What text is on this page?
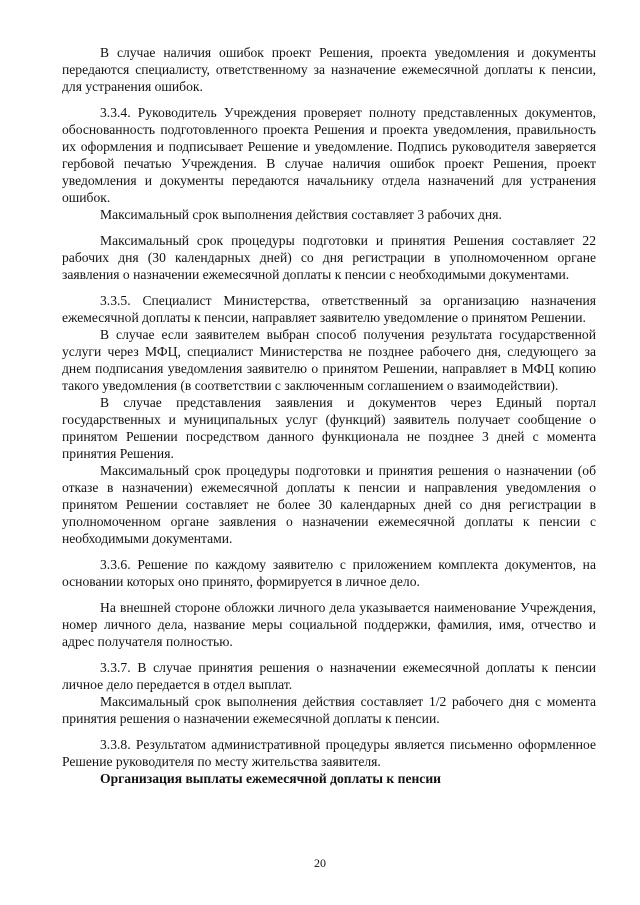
В случае наличия ошибок проект Решения, проекта уведомления и документы передаются специалисту, ответственному за назначение ежемесячной доплаты к пенсии, для устранения ошибок.

3.3.4. Руководитель Учреждения проверяет полноту представленных документов, обоснованность подготовленного проекта Решения и проекта уведомления, правильность их оформления и подписывает Решение и уведомление. Подпись руководителя заверяется гербовой печатью Учреждения. В случае наличия ошибок проект Решения, проект уведомления и документы передаются начальнику отдела назначений для устранения ошибок.

Максимальный срок выполнения действия составляет 3 рабочих дня.

Максимальный срок процедуры подготовки и принятия Решения составляет 22 рабочих дня (30 календарных дней) со дня регистрации в уполномоченном органе заявления о назначении ежемесячной доплаты к пенсии с необходимыми документами.

3.3.5. Специалист Министерства, ответственный за организацию назначения ежемесячной доплаты к пенсии, направляет заявителю уведомление о принятом Решении.

В случае если заявителем выбран способ получения результата государственной услуги через МФЦ, специалист Министерства не позднее рабочего дня, следующего за днем подписания уведомления заявителю о принятом Решении, направляет в МФЦ копию такого уведомления (в соответствии с заключенным соглашением о взаимодействии).

В случае представления заявления и документов через Единый портал государственных и муниципальных услуг (функций) заявитель получает сообщение о принятом Решении посредством данного функционала не позднее 3 дней с момента принятия Решения.

Максимальный срок процедуры подготовки и принятия решения о назначении (об отказе в назначении) ежемесячной доплаты к пенсии и направления уведомления о принятом Решении составляет не более 30 календарных дней со дня регистрации в уполномоченном органе заявления о назначении ежемесячной доплаты к пенсии с необходимыми документами.

3.3.6. Решение по каждому заявителю с приложением комплекта документов, на основании которых оно принято, формируется в личное дело.

На внешней стороне обложки личного дела указывается наименование Учреждения, номер личного дела, название меры социальной поддержки, фамилия, имя, отчество и адрес получателя полностью.

3.3.7. В случае принятия решения о назначении ежемесячной доплаты к пенсии личное дело передается в отдел выплат.

Максимальный срок выполнения действия составляет 1/2 рабочего дня с момента принятия решения о назначении ежемесячной доплаты к пенсии.

3.3.8. Результатом административной процедуры является письменно оформленное Решение руководителя по месту жительства заявителя.

Организация выплаты ежемесячной доплаты к пенсии

20
